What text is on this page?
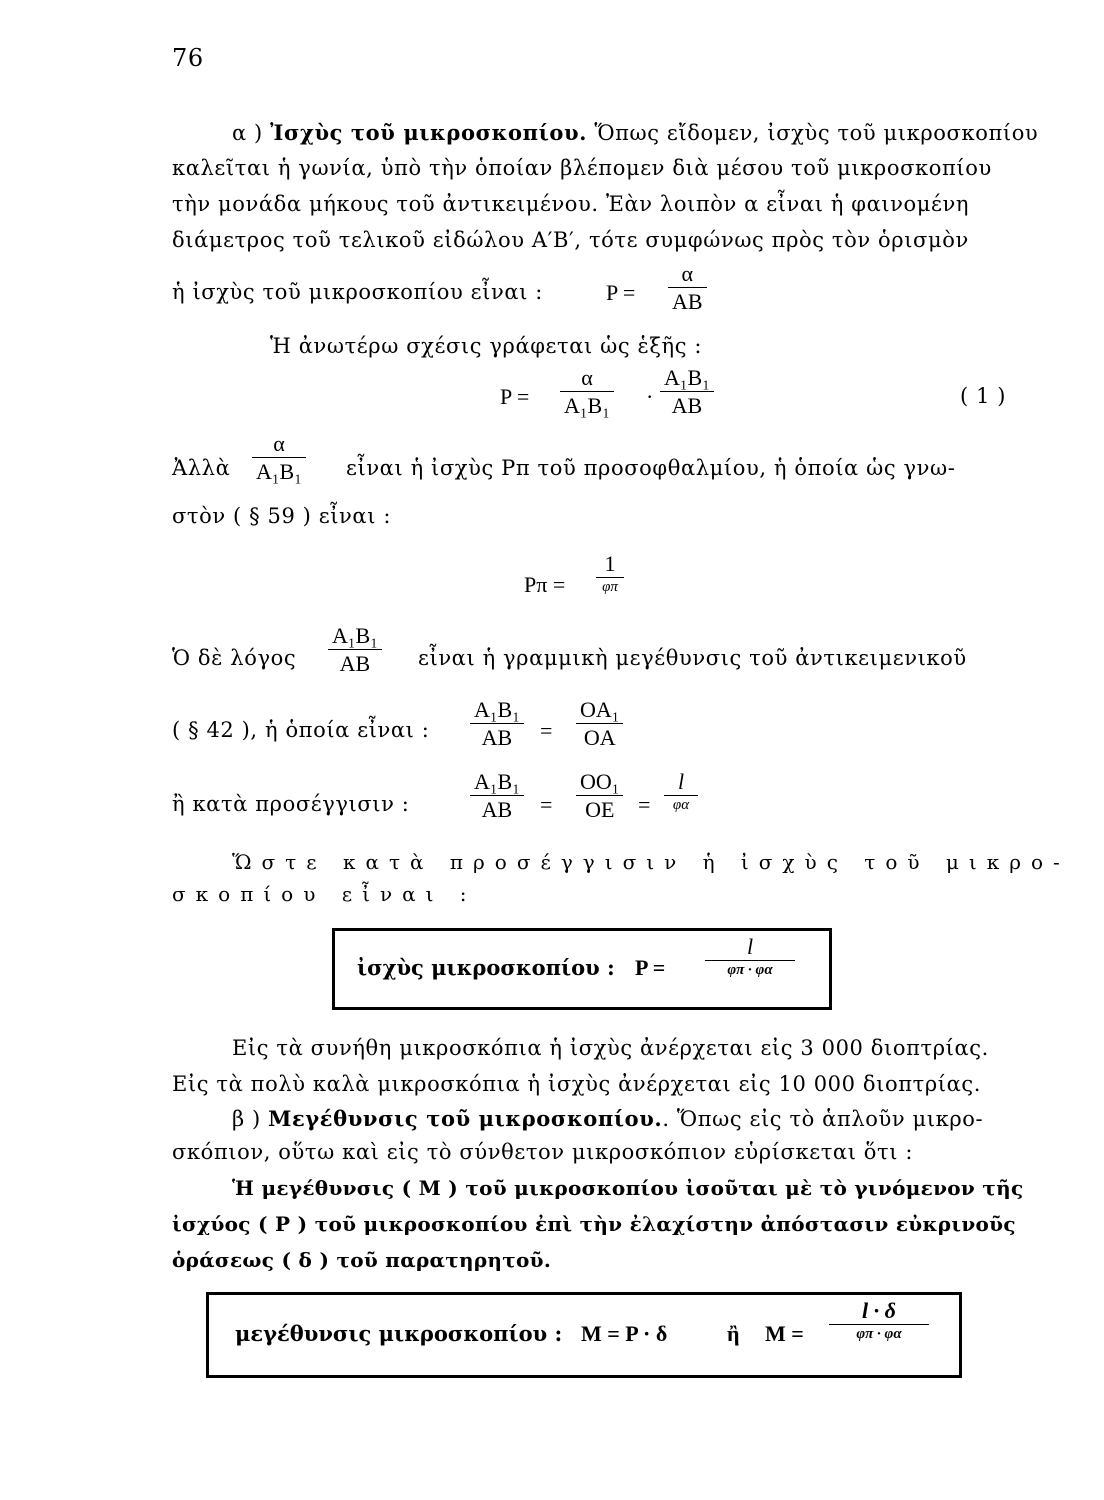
76
α ) Ἰσχὺς τοῦ μικροσκοπίου. Ὅπως εἴδομεν, ἰσχὺς τοῦ μικροσκοπίου
καλεῖται ἡ γωνία, ὑπὸ τὴν ὁποίαν βλέπομεν διὰ μέσου τοῦ μικροσκοπίου
τὴν μονάδα μήκους τοῦ ἀντικειμένου. Ἐὰν λοιπὸν α εἶναι ἡ φαινομένη
διάμετρος τοῦ τελικοῦ εἰδώλου A′B′, τότε συμφώνως πρὸς τὸν ὁρισμὸν
ἡ ἰσχὺς τοῦ μικροσκοπίου εἶναι :	P =
α
AB
Ἡ ἀνωτέρω σχέσις γράφεται ὡς ἑξῆς :
P =
α
A₁B₁ ·
A₁B₁
AB	( 1 )
Ἀλλὰ
α
A₁B₁ εἶναι ἡ ἰσχὺς Pπ τοῦ προσοφθαλμίου, ἡ ὁποία ὡς γνω-
στὸν ( § 59 ) εἶναι :
Pπ =
1
φπ
Ὁ δὲ λόγος
A₁B₁
AB εἶναι ἡ γραμμικὴ μεγέθυνσις τοῦ ἀντικειμενικοῦ
( § 42 ), ἡ ὁποία εἶναι :
A₁B₁
AB =
OA₁
OA
ἢ κατὰ προσέγγισιν :
A₁B₁
AB =
OO₁
OE =
l
φα
Ὥστε κατὰ προσέγγισιν ἡ ἰσχὺς τοῦ μικρο-
σκοπίου εἶναι :
ἰσχὺς μικροσκοπίου : P =
l
φπ · φα
Εἰς τὰ συνήθη μικροσκόπια ἡ ἰσχὺς ἀνέρχεται εἰς 3 000 διοπτρίας.
Εἰς τὰ πολὺ καλὰ μικροσκόπια ἡ ἰσχὺς ἀνέρχεται εἰς 10 000 διοπτρίας.
β ) Μεγέθυνσις τοῦ μικροσκοπίου.. Ὅπως εἰς τὸ ἁπλοῦν μικρο-
σκόπιον, οὕτω καὶ εἰς τὸ σύνθετον μικροσκόπιον εὑρίσκεται ὅτι :
Ἡ μεγέθυνσις ( M ) τοῦ μικροσκοπίου ἰσοῦται μὲ τὸ γινόμενον τῆς
ἰσχύος ( P ) τοῦ μικροσκοπίου ἐπὶ τὴν ἐλαχίστην ἀπόστασιν εὐκρινοῦς
ὁράσεως ( δ ) τοῦ παρατηρητοῦ.
μεγέθυνσις μικροσκοπίου : M = P · δ	ἢ M =
l · δ
φπ · φα
